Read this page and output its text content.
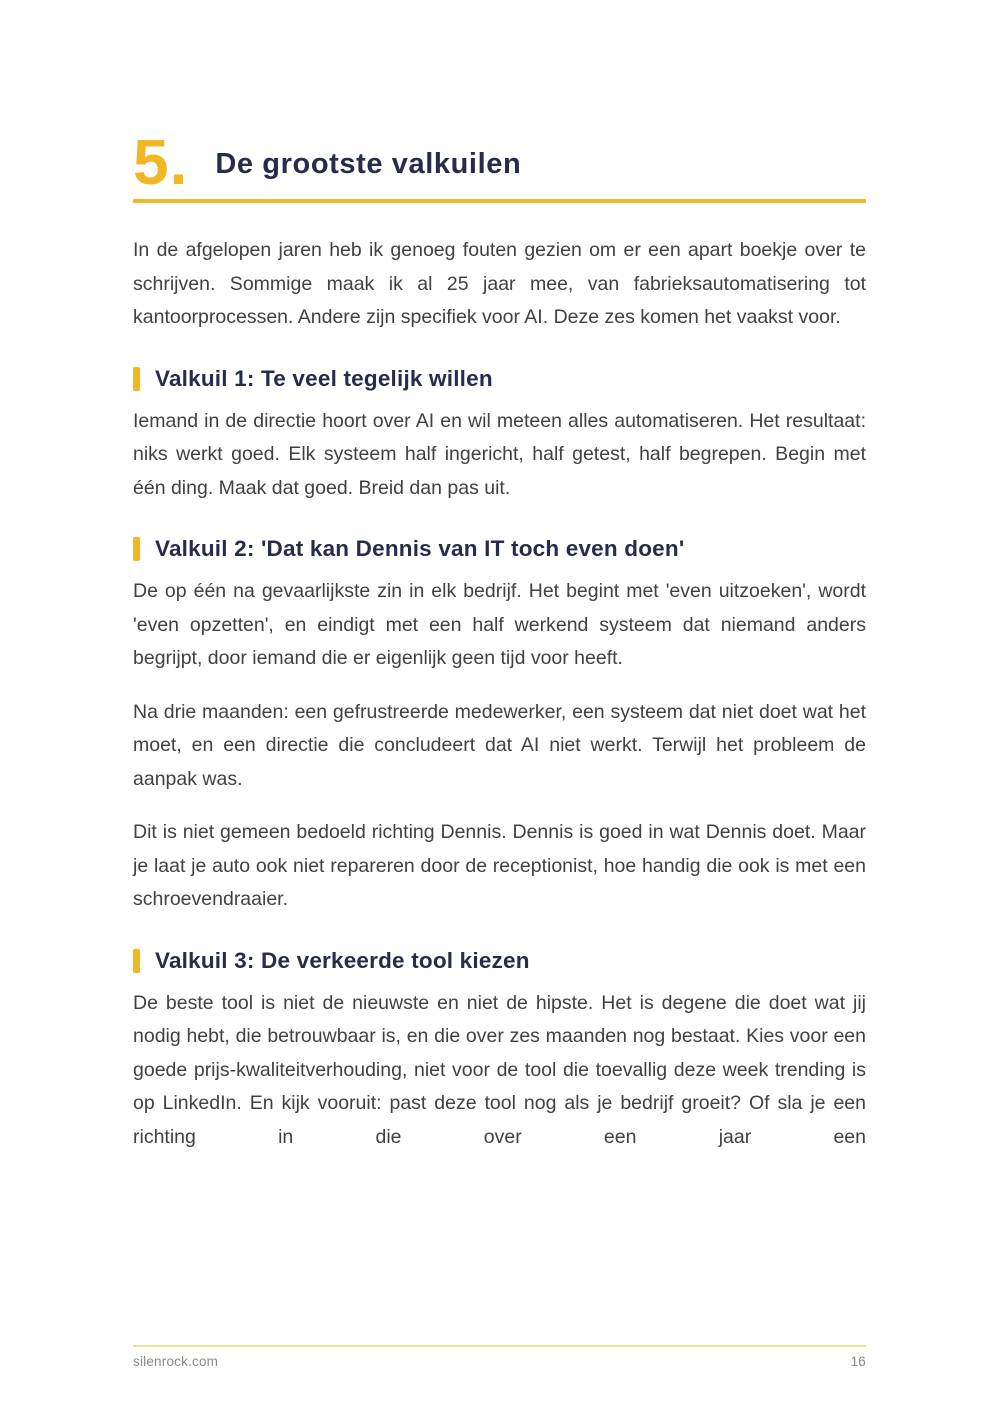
5. De grootste valkuilen

In de afgelopen jaren heb ik genoeg fouten gezien om er een apart boekje over te schrijven. Sommige maak ik al 25 jaar mee, van fabrieksautomatisering tot kantoorprocessen. Andere zijn specifiek voor AI. Deze zes komen het vaakst voor.

Valkuil 1: Te veel tegelijk willen

Iemand in de directie hoort over AI en wil meteen alles automatiseren. Het resultaat: niks werkt goed. Elk systeem half ingericht, half getest, half begrepen. Begin met één ding. Maak dat goed. Breid dan pas uit.

Valkuil 2: 'Dat kan Dennis van IT toch even doen'

De op één na gevaarlijkste zin in elk bedrijf. Het begint met 'even uitzoeken', wordt 'even opzetten', en eindigt met een half werkend systeem dat niemand anders begrijpt, door iemand die er eigenlijk geen tijd voor heeft.

Na drie maanden: een gefrustreerde medewerker, een systeem dat niet doet wat het moet, en een directie die concludeert dat AI niet werkt. Terwijl het probleem de aanpak was.

Dit is niet gemeen bedoeld richting Dennis. Dennis is goed in wat Dennis doet. Maar je laat je auto ook niet repareren door de receptionist, hoe handig die ook is met een schroevendraaier.

Valkuil 3: De verkeerde tool kiezen

De beste tool is niet de nieuwste en niet de hipste. Het is degene die doet wat jij nodig hebt, die betrouwbaar is, en die over zes maanden nog bestaat. Kies voor een goede prijs-kwaliteitverhouding, niet voor de tool die toevallig deze week trending is op LinkedIn. En kijk vooruit: past deze tool nog als je bedrijf groeit? Of sla je een richting in die over een jaar een

silenrock.com	16
